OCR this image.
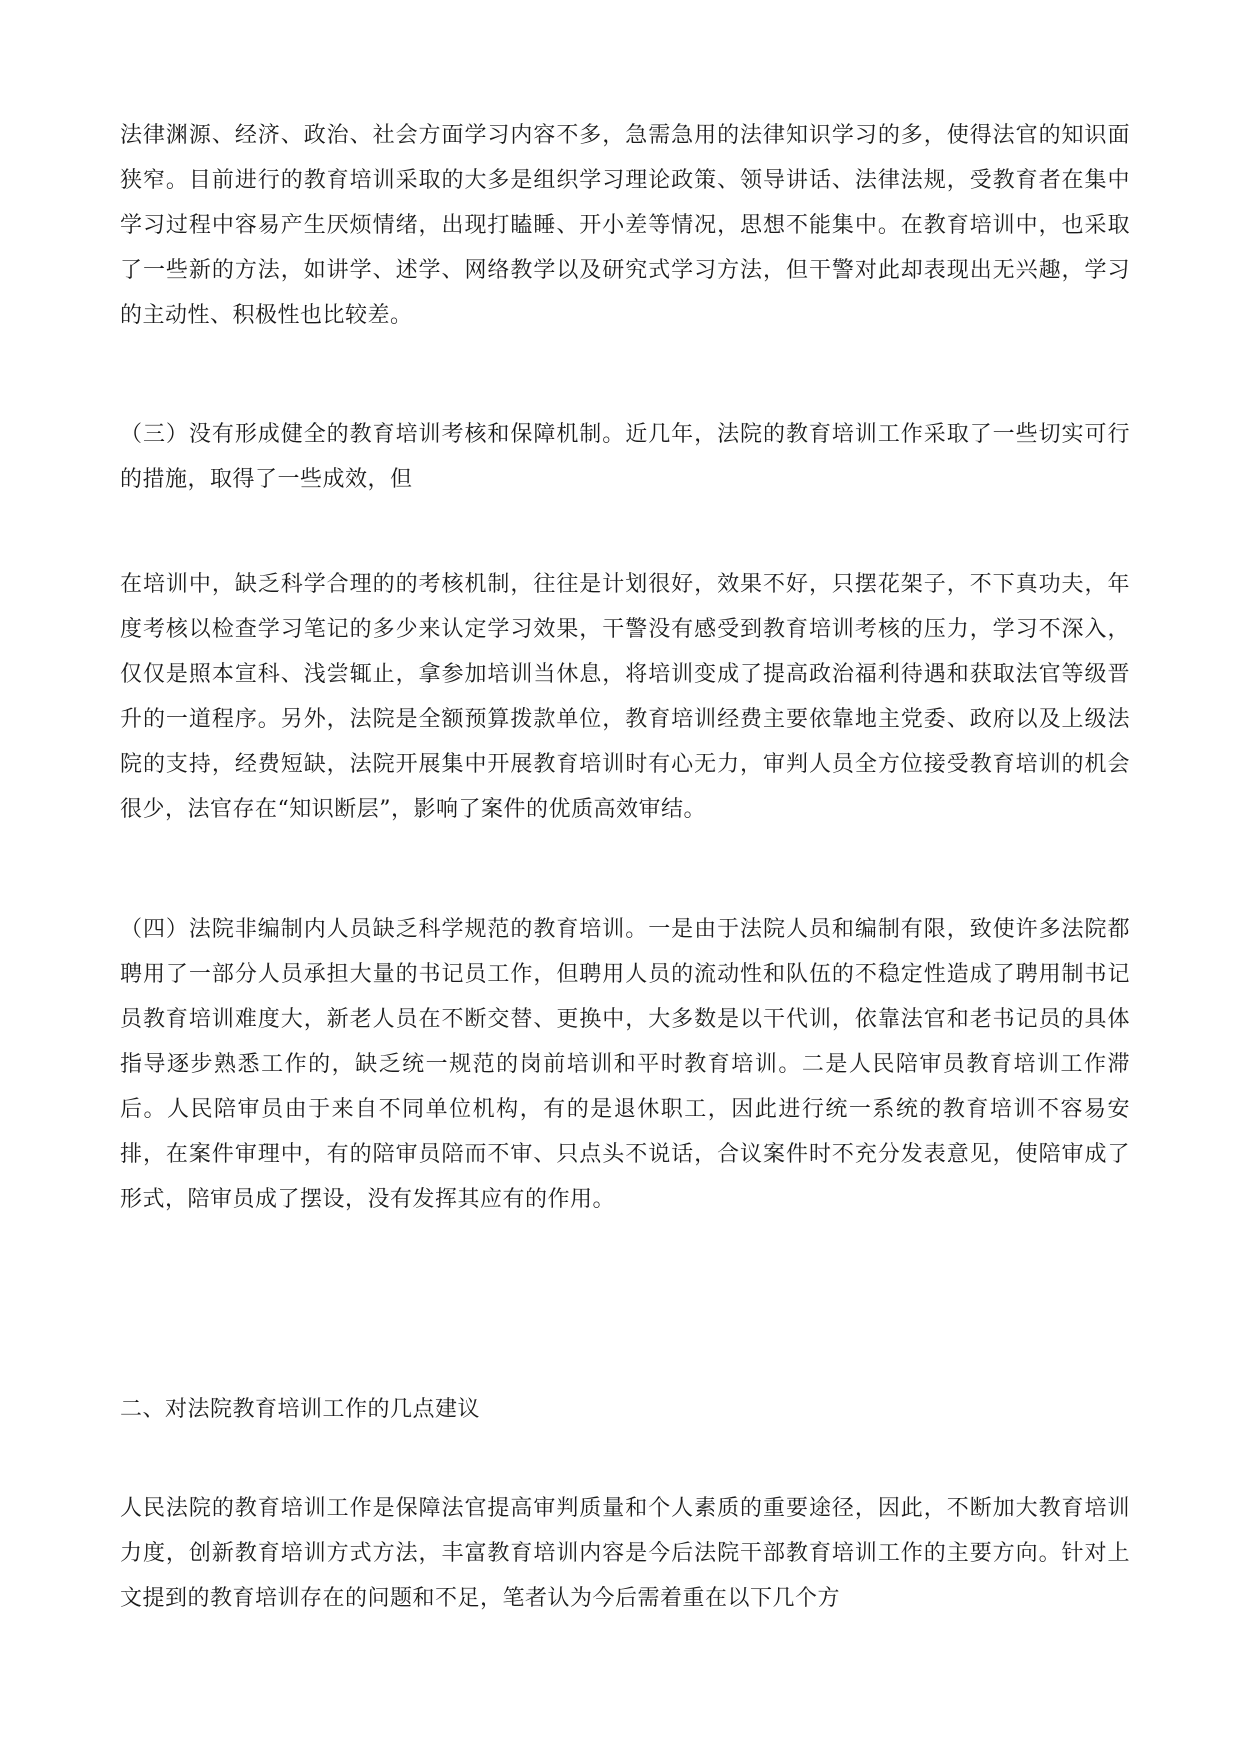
法律渊源、经济、政治、社会方面学习内容不多，急需急用的法律知识学习的多，使得法官的知识面狭窄。目前进行的教育培训采取的大多是组织学习理论政策、领导讲话、法律法规，受教育者在集中学习过程中容易产生厌烦情绪，出现打瞌睡、开小差等情况，思想不能集中。在教育培训中，也采取了一些新的方法，如讲学、述学、网络教学以及研究式学习方法，但干警对此却表现出无兴趣，学习的主动性、积极性也比较差。

（三）没有形成健全的教育培训考核和保障机制。近几年，法院的教育培训工作采取了一些切实可行的措施，取得了一些成效，但

在培训中，缺乏科学合理的的考核机制，往往是计划很好，效果不好，只摆花架子，不下真功夫，年度考核以检查学习笔记的多少来认定学习效果，干警没有感受到教育培训考核的压力，学习不深入，仅仅是照本宣科、浅尝辄止，拿参加培训当休息，将培训变成了提高政治福利待遇和获取法官等级晋升的一道程序。另外，法院是全额预算拨款单位，教育培训经费主要依靠地主党委、政府以及上级法院的支持，经费短缺，法院开展集中开展教育培训时有心无力，审判人员全方位接受教育培训的机会很少，法官存在“知识断层”，影响了案件的优质高效审结。

（四）法院非编制内人员缺乏科学规范的教育培训。一是由于法院人员和编制有限，致使许多法院都聘用了一部分人员承担大量的书记员工作，但聘用人员的流动性和队伍的不稳定性造成了聘用制书记员教育培训难度大，新老人员在不断交替、更换中，大多数是以干代训，依靠法官和老书记员的具体指导逐步熟悉工作的，缺乏统一规范的岗前培训和平时教育培训。二是人民陪审员教育培训工作滞后。人民陪审员由于来自不同单位机构，有的是退休职工，因此进行统一系统的教育培训不容易安排，在案件审理中，有的陪审员陪而不审、只点头不说话，合议案件时不充分发表意见，使陪审成了形式，陪审员成了摆设，没有发挥其应有的作用。

二、对法院教育培训工作的几点建议

人民法院的教育培训工作是保障法官提高审判质量和个人素质的重要途径，因此，不断加大教育培训力度，创新教育培训方式方法，丰富教育培训内容是今后法院干部教育培训工作的主要方向。针对上文提到的教育培训存在的问题和不足，笔者认为今后需着重在以下几个方
